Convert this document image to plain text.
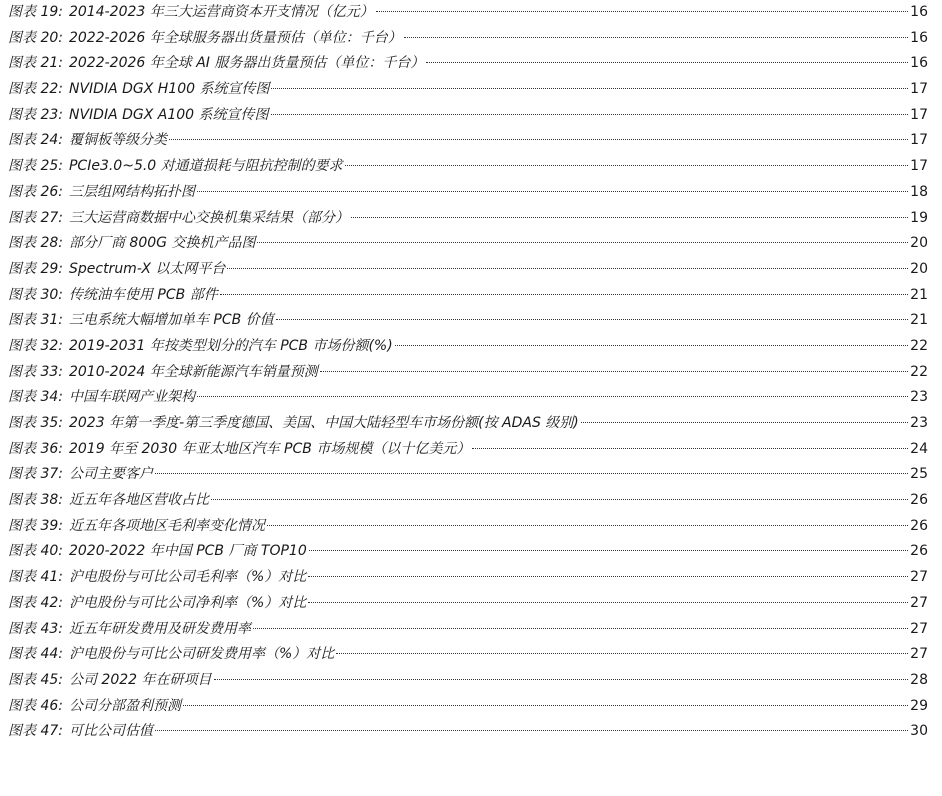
图表 19: 2014-2023 年三大运营商资本开支情况（亿元）	16
图表 20: 2022-2026 年全球服务器出货量预估（单位：千台）	16
图表 21: 2022-2026 年全球 AI 服务器出货量预估（单位：千台）	16
图表 22: NVIDIA DGX H100 系统宣传图	17
图表 23: NVIDIA DGX A100 系统宣传图	17
图表 24: 覆铜板等级分类	17
图表 25: PCIe3.0~5.0 对通道损耗与阻抗控制的要求	17
图表 26: 三层组网结构拓扑图	18
图表 27: 三大运营商数据中心交换机集采结果（部分）	19
图表 28: 部分厂商 800G 交换机产品图	20
图表 29: Spectrum-X 以太网平台	20
图表 30: 传统油车使用 PCB 部件	21
图表 31: 三电系统大幅增加单车 PCB 价值	21
图表 32: 2019-2031 年按类型划分的汽车 PCB 市场份额(%)	22
图表 33: 2010-2024 年全球新能源汽车销量预测	22
图表 34: 中国车联网产业架构	23
图表 35: 2023 年第一季度-第三季度德国、美国、中国大陆轻型车市场份额(按 ADAS 级别)	23
图表 36: 2019 年至 2030 年亚太地区汽车 PCB 市场规模（以十亿美元）	24
图表 37: 公司主要客户	25
图表 38: 近五年各地区营收占比	26
图表 39: 近五年各项地区毛利率变化情况	26
图表 40: 2020-2022 年中国 PCB 厂商 TOP10	26
图表 41: 沪电股份与可比公司毛利率（%）对比	27
图表 42: 沪电股份与可比公司净利率（%）对比	27
图表 43: 近五年研发费用及研发费用率	27
图表 44: 沪电股份与可比公司研发费用率（%）对比	27
图表 45: 公司 2022 年在研项目	28
图表 46: 公司分部盈利预测	29
图表 47: 可比公司估值	30
